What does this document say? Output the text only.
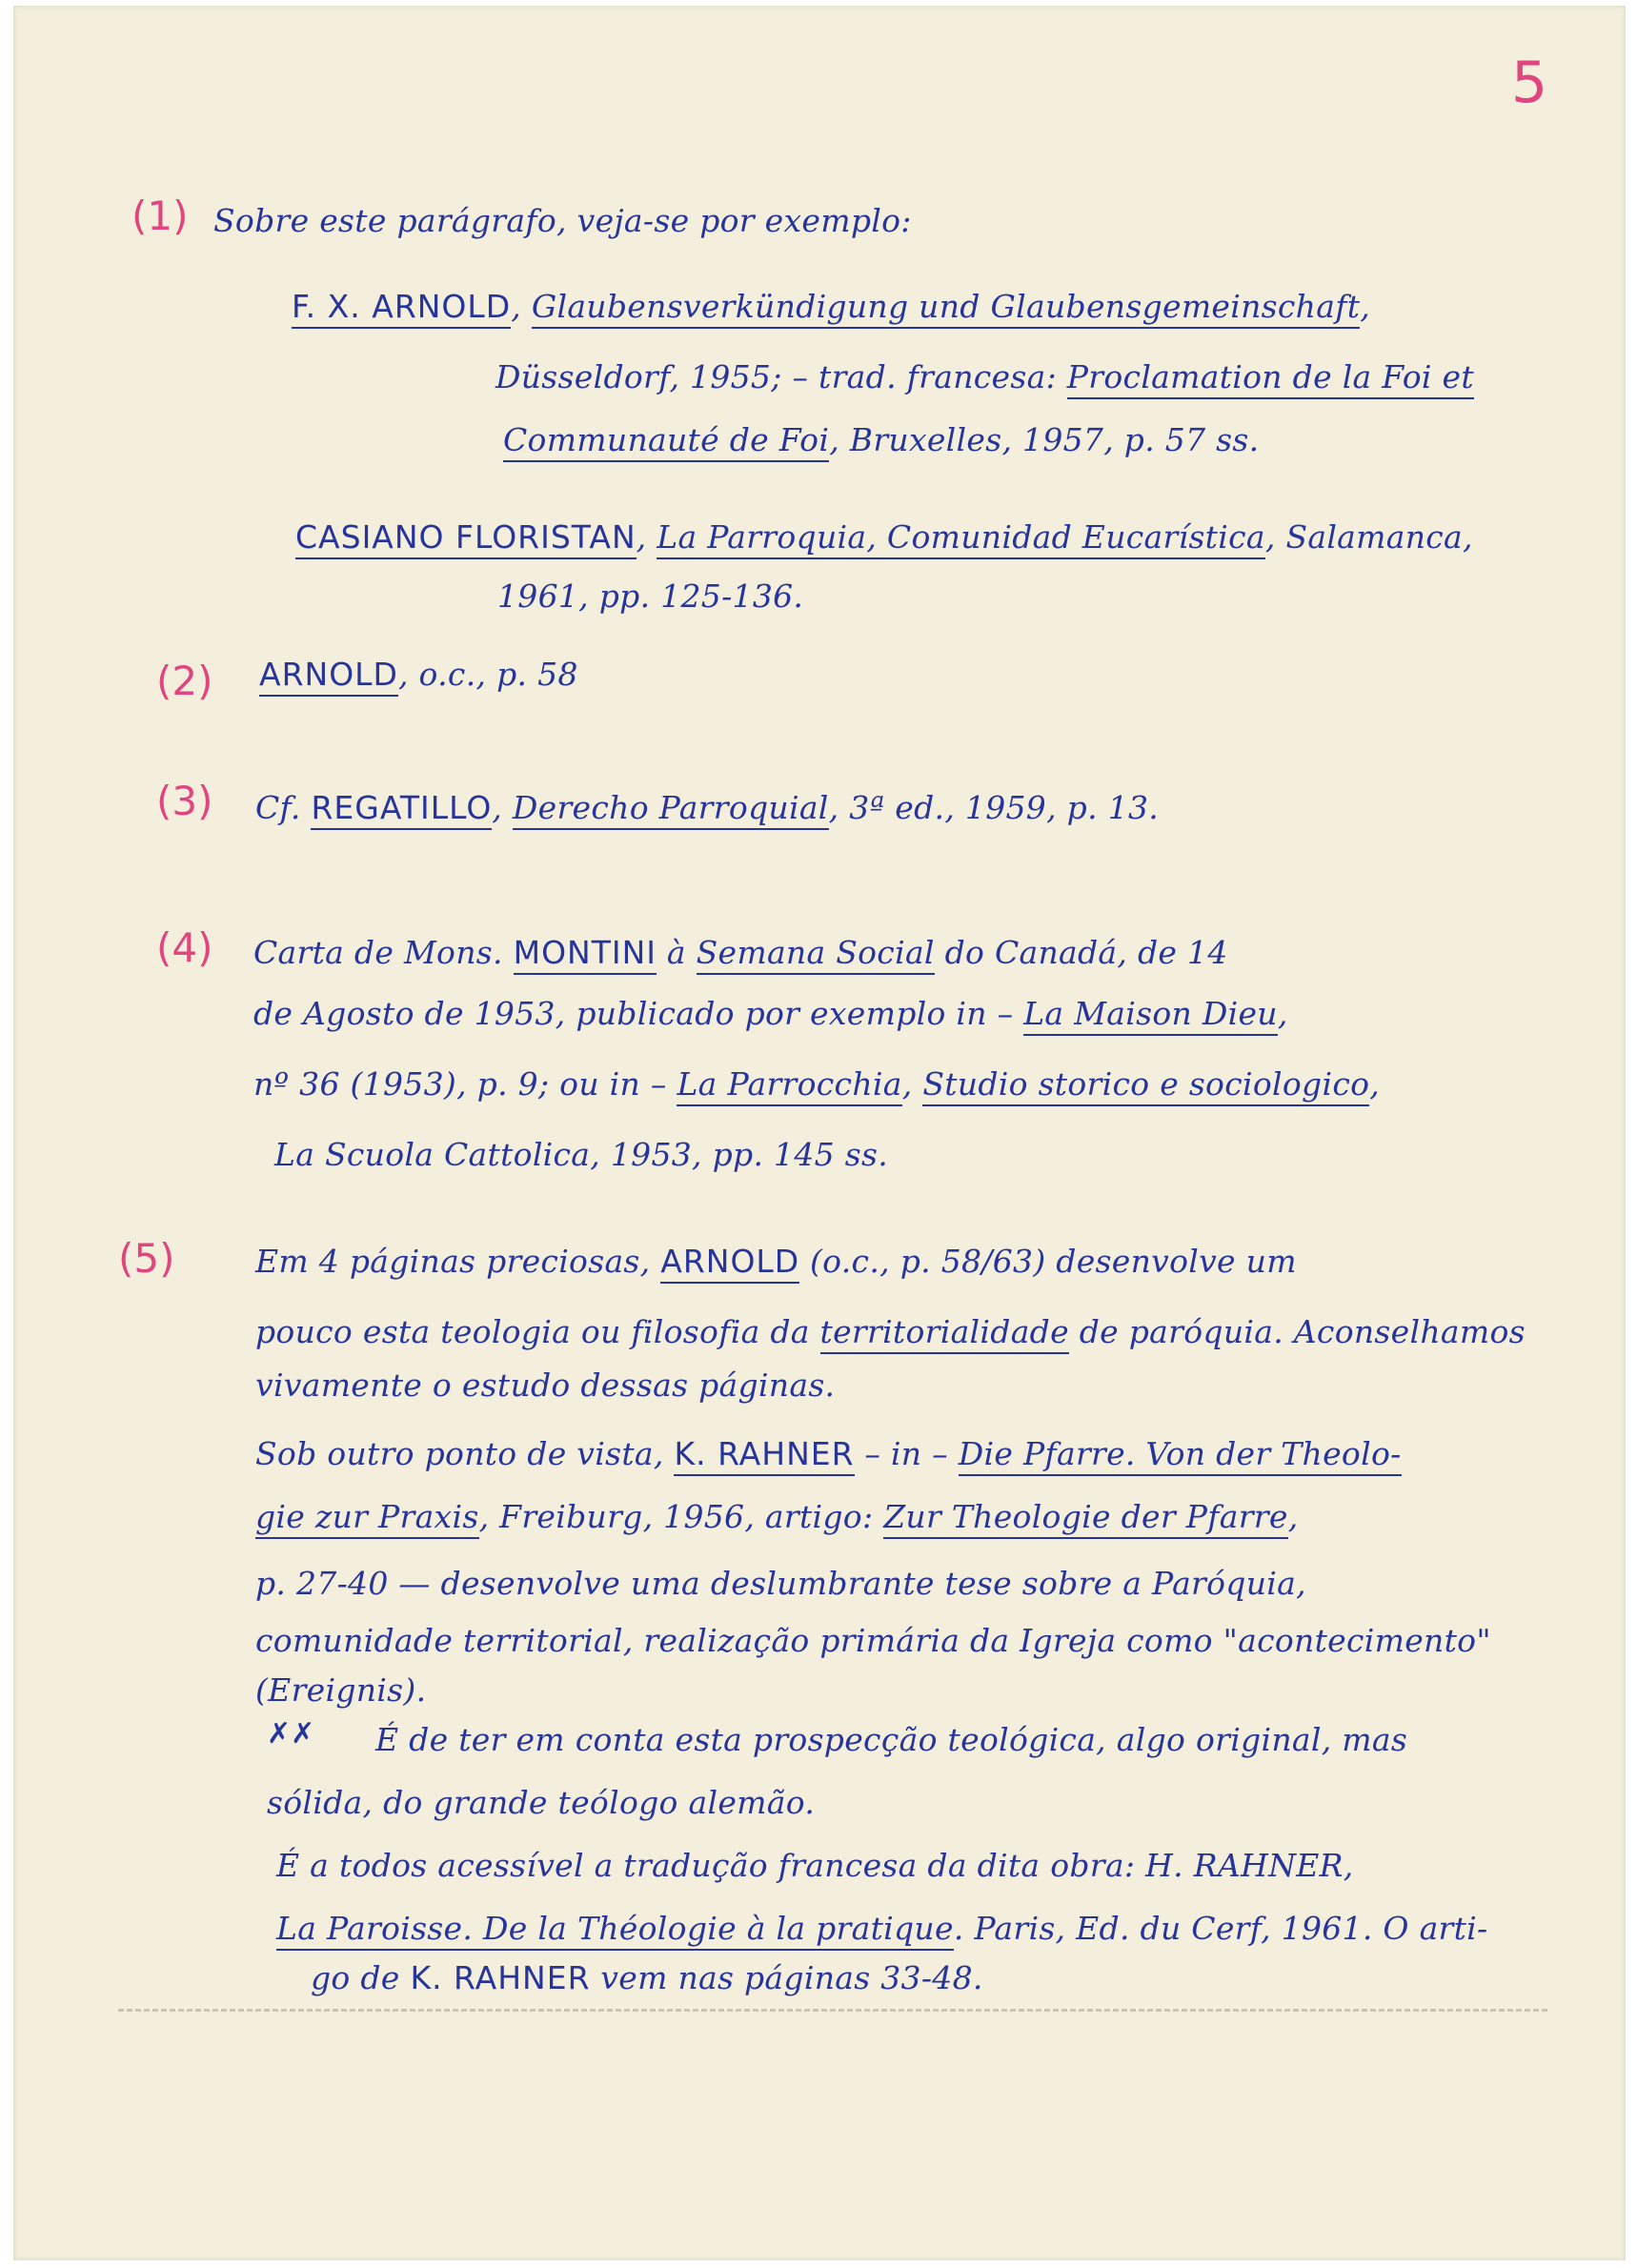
5
(1) Sobre este parágrafo, veja-se por exemplo:
F. X. ARNOLD, Glaubensverkündigung und Glaubensgemeinschaft,
Düsseldorf, 1955; – trad. francesa: Proclamation de la Foi et
Communauté de Foi, Bruxelles, 1957, p. 57 ss.
CASIANO FLORISTAN, La Parroquia, Comunidad Eucarística, Salamanca,
1961, pp. 125-136.
(2) ARNOLD, o.c., p. 58
(3) Cf. REGATILLO, Derecho Parroquial, 3ª ed., 1959, p. 13.
(4) Carta de Mons. MONTINI à Semana Social do Canadá, de 14
de Agosto de 1953, publicado por exemplo in – La Maison Dieu,
nº 36 (1953), p. 9; ou in – La Parrocchia, Studio storico e sociologico,
La Scuola Cattolica, 1953, pp. 145 ss.
(5)	Em 4 páginas preciosas, ARNOLD (o.c., p. 58/63) desenvolve um
pouco esta teologia ou filosofia da territorialidade de paróquia. Aconselhamos
vivamente o estudo dessas páginas.
Sob outro ponto de vista, K. RAHNER – in – Die Pfarre. Von der Theolo-
gie zur Praxis, Freiburg, 1956, artigo: Zur Theologie der Pfarre,
p. 27-40 — desenvolve uma deslumbrante tese sobre a Paróquia,
comunidade territorial, realização primária da Igreja como "acontecimento"
(Ereignis).
✗✗ É de ter em conta esta prospecção teológica, algo original, mas
sólida, do grande teólogo alemão.
É a todos acessível a tradução francesa da dita obra: H. RAHNER,
La Paroisse. De la Théologie à la pratique. Paris, Ed. du Cerf, 1961. O arti-
go de K. RAHNER vem nas páginas 33-48.
